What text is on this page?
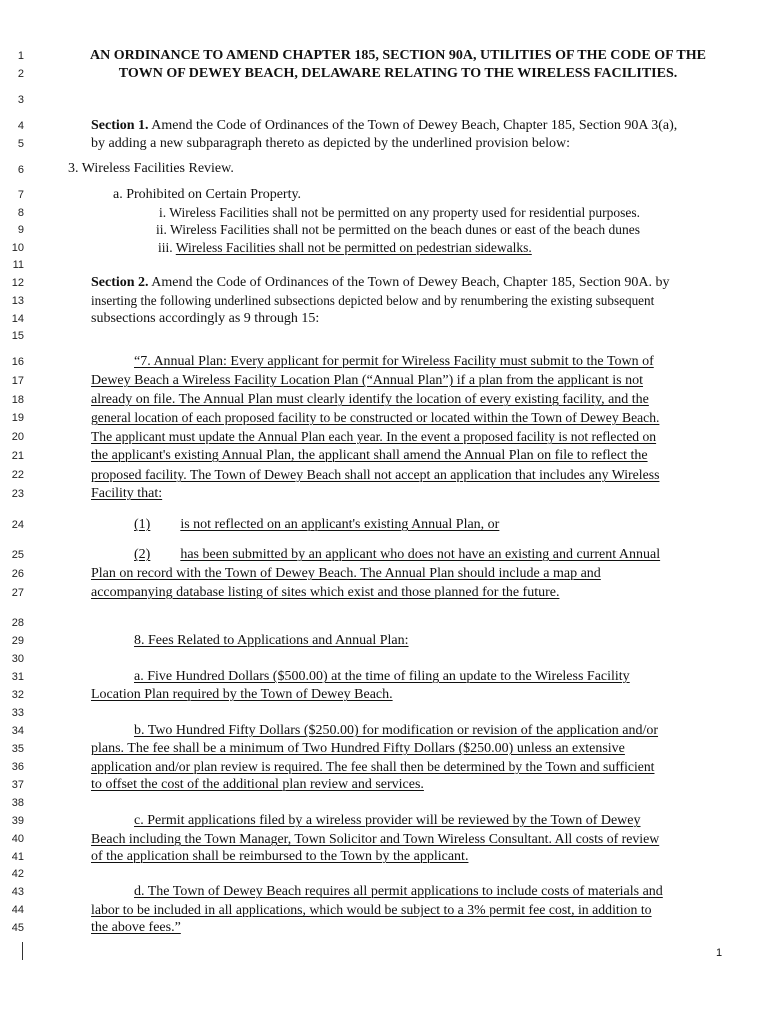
1
2
3
4
5
6
7
8
9
10
11
12
13
14
15
16
17
18
19
20
21
22
23
24
25
26
27
28
29
30
31
32
33
34
35
36
37
38
39
40
41
42
43
44
45
AN ORDINANCE TO AMEND CHAPTER 185, SECTION 90A, UTILITIES OF THE CODE OF THE
TOWN OF DEWEY BEACH, DELAWARE RELATING TO THE WIRELESS FACILITIES.
Section 1. Amend the Code of Ordinances of the Town of Dewey Beach, Chapter 185, Section 90A 3(a),
by adding a new subparagraph thereto as depicted by the underlined provision below:
3. Wireless Facilities Review.
a. Prohibited on Certain Property.
i. Wireless Facilities shall not be permitted on any property used for residential purposes.
ii. Wireless Facilities shall not be permitted on the beach dunes or east of the beach dunes
iii. Wireless Facilities shall not be permitted on pedestrian sidewalks.
Section 2. Amend the Code of Ordinances of the Town of Dewey Beach, Chapter 185, Section 90A. by
inserting the following underlined subsections depicted below and by renumbering the existing subsequent
subsections accordingly as 9 through 15:
“7. Annual Plan: Every applicant for permit for Wireless Facility must submit to the Town of
Dewey Beach a Wireless Facility Location Plan (“Annual Plan”) if a plan from the applicant is not
already on file. The Annual Plan must clearly identify the location of every existing facility, and the
general location of each proposed facility to be constructed or located within the Town of Dewey Beach.
The applicant must update the Annual Plan each year. In the event a proposed facility is not reflected on
the applicant's existing Annual Plan, the applicant shall amend the Annual Plan on file to reflect the
proposed facility. The Town of Dewey Beach shall not accept an application that includes any Wireless
Facility that:
(1) is not reflected on an applicant's existing Annual Plan, or
(2) has been submitted by an applicant who does not have an existing and current Annual
Plan on record with the Town of Dewey Beach. The Annual Plan should include a map and
accompanying database listing of sites which exist and those planned for the future.
8. Fees Related to Applications and Annual Plan:
a. Five Hundred Dollars ($500.00) at the time of filing an update to the Wireless Facility
Location Plan required by the Town of Dewey Beach.
b. Two Hundred Fifty Dollars ($250.00) for modification or revision of the application and/or
plans. The fee shall be a minimum of Two Hundred Fifty Dollars ($250.00) unless an extensive
application and/or plan review is required. The fee shall then be determined by the Town and sufficient
to offset the cost of the additional plan review and services.
c. Permit applications filed by a wireless provider will be reviewed by the Town of Dewey
Beach including the Town Manager, Town Solicitor and Town Wireless Consultant. All costs of review
of the application shall be reimbursed to the Town by the applicant.
d. The Town of Dewey Beach requires all permit applications to include costs of materials and
labor to be included in all applications, which would be subject to a 3% permit fee cost, in addition to
the above fees.”
1
